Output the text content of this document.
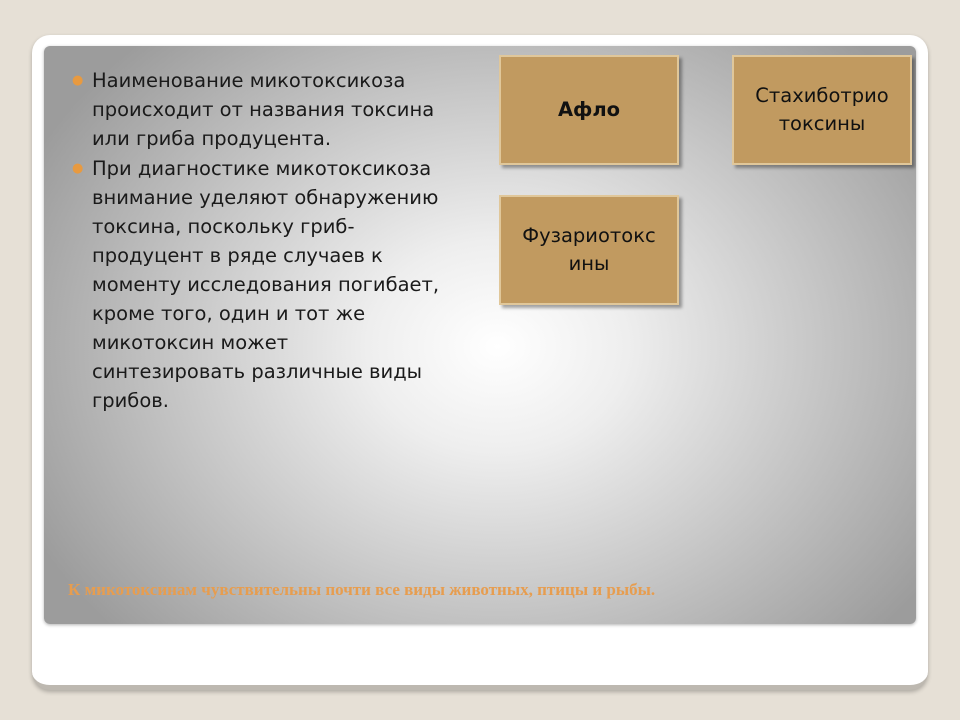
● Наименование микотоксикоза происходит от названия токсина или гриба продуцента.
● При диагностике микотоксикоза внимание уделяют обнаружению токсина, поскольку гриб-продуцент в ряде случаев к моменту исследования погибает, кроме того, один и тот же микотоксин может синтезировать различные виды грибов.
Афло
Стахиботрио токсины
Фузариотокс ины
К микотоксинам чувствительны почти все виды животных, птицы и рыбы.
